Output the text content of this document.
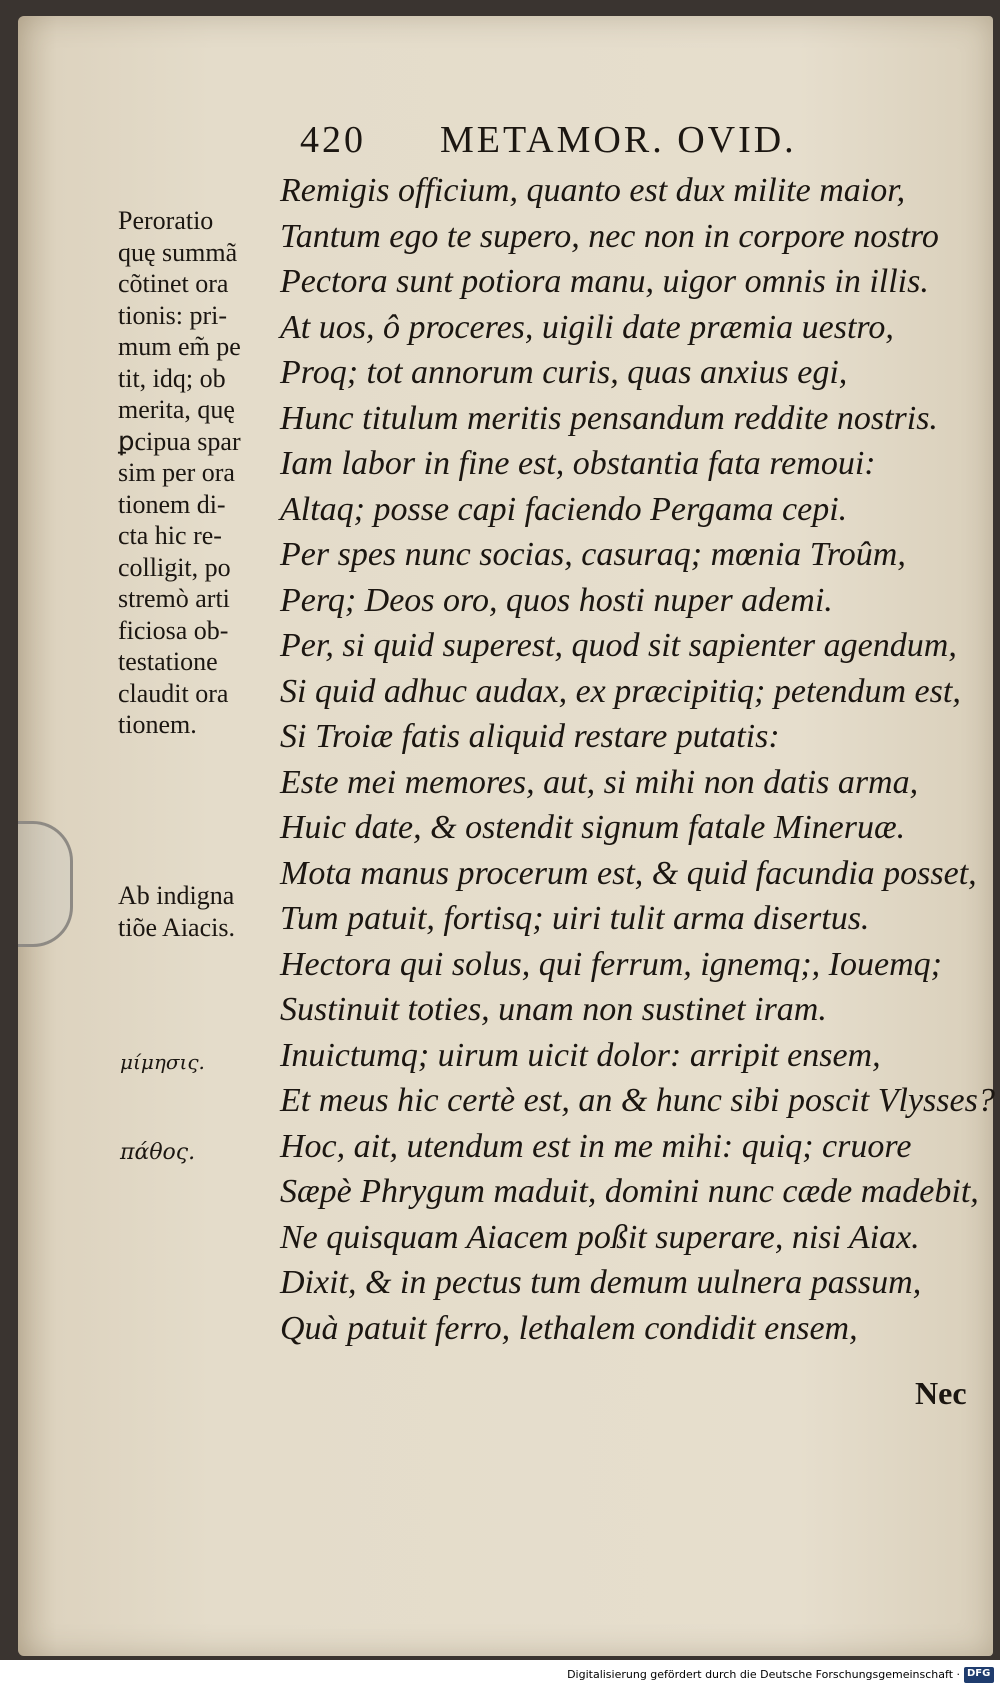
420 METAMOR. OVID.
Remigis officium, quanto est dux milite maior,
Tantum ego te supero, nec non in corpore nostro
Pectora sunt potiora manu, uigor omnis in illis.
At uos, ô proceres, uigili date præmia uestro,
Proq; tot annorum curis, quas anxius egi,
Hunc titulum meritis pensandum reddite nostris.
Iam labor in fine est, obstantia fata remoui:
Altaq; posse capi faciendo Pergama cepi.
Per spes nunc socias, casuraq; mœnia Troûm,
Perq; Deos oro, quos hosti nuper ademi.
Per, si quid superest, quod sit sapienter agendum,
Si quid adhuc audax, ex præcipitiq; petendum est,
Si Troiæ fatis aliquid restare putatis:
Este mei memores, aut, si mihi non datis arma,
Huic date, & ostendit signum fatale Mineruæ.
Mota manus procerum est, & quid facundia posset,
Tum patuit, fortisq; uiri tulit arma disertus.
Hectora qui solus, qui ferrum, ignemq;, Iouemq;
Sustinuit toties, unam non sustinet iram.
Inuictumq; uirum uicit dolor: arripit ensem,
Et meus hic certè est, an & hunc sibi poscit Vlysses?
Hoc, ait, utendum est in me mihi: quiq; cruore
Sæpè Phrygum maduit, domini nunc cæde madebit,
Ne quisquam Aiacem poßit superare, nisi Aiax.
Dixit, & in pectus tum demum uulnera passum,
Quà patuit ferro, lethalem condidit ensem,
Peroratio
quę summã
cõtinet ora
tionis: pri-
mum em̃ pe
tit, idq; ob
merita, quę
ꝑcipua spar
sim per ora
tionem di-
cta hic re-
colligit, po
stremò arti
ficiosa ob-
testatione
claudit ora
tionem.
Ab indigna
tiõe Aiacis.
μίμησις.
πάθος.
Nec
Digitalisierung gefördert durch die Deutsche Forschungsgemeinschaft ·
DFG
